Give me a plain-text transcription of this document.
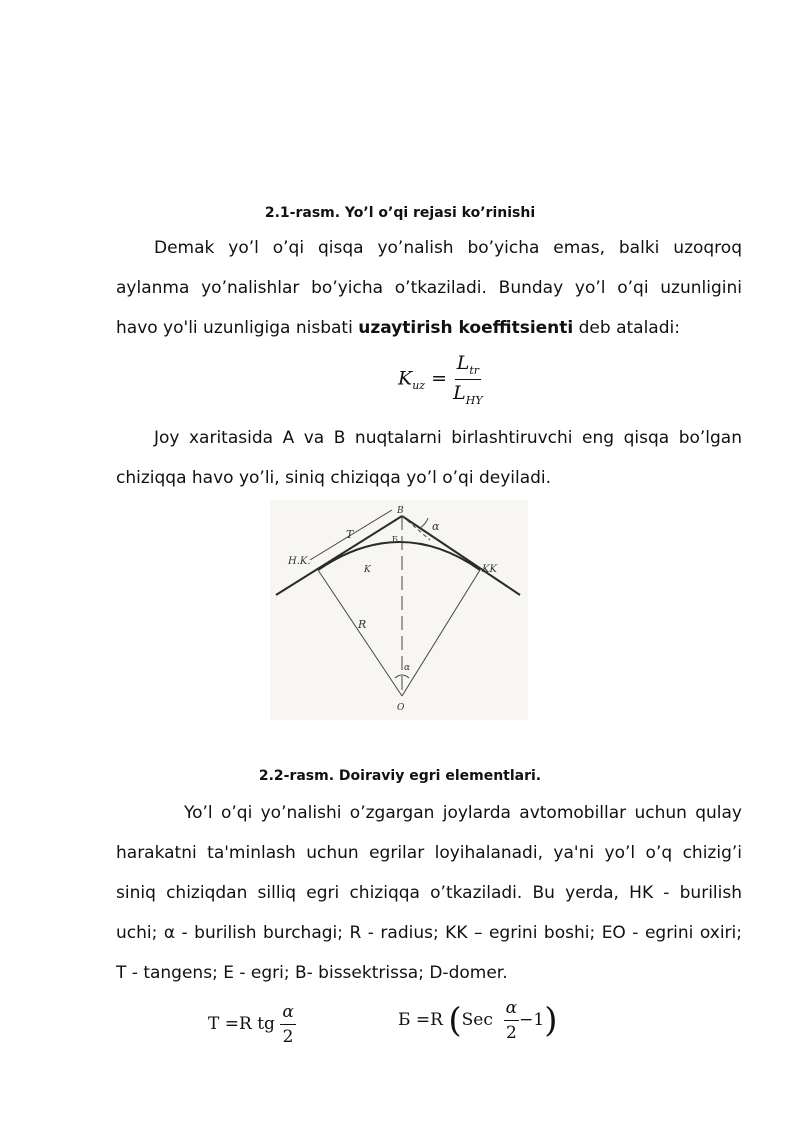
2.1-rasm. Yo’l o’qi rejasi ko’rinishi
Demak yo’l o’qi qisqa yo’nalish bo’yicha emas, balki uzoqroq
aylanma yo’nalishlar bo’yicha o’tkaziladi. Bunday yo’l o’qi uzunligini
havo yo'li uzunligiga nisbati uzaytirish koeffitsienti deb ataladi:
$K_{uz} = \frac{L_{tr}}{L_{HY}}$
Joy xaritasida A va B nuqtalarni birlashtiruvchi eng qisqa bo’lgan
chiziqqa havo yo’li, siniq chiziqqa yo’l o’qi deyiladi.
H.K.
KK
T
K
R
α
α
Б
В
О
2.2-rasm. Doiraviy egri elementlari.
Yo’l o’qi yo’nalishi o’zgargan joylarda avtomobillar uchun qulay
harakatni ta'minlash uchun egrilar loyihalanadi, ya'ni yo’l o’q chizig’i
siniq chiziqdan silliq egri chiziqqa o’tkaziladi. Bu yerda, HK - burilish
uchi; α - burilish burchagi; R - radius; KK – egrini boshi; EO - egrini oxiri;
T - tangens; E - egri; B- bissektrissa; D-domer.
T =R tg $\frac{\alpha}{2}$	Б =R $(Sec \frac{\alpha}{2} -1)$
